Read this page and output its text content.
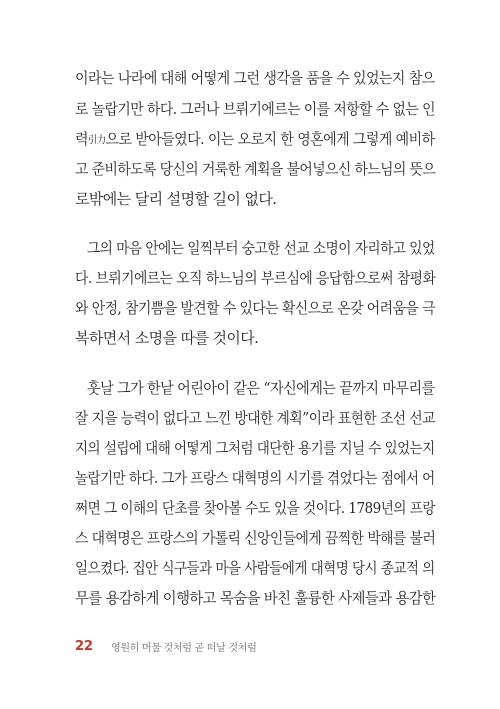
이라는 나라에 대해 어떻게 그런 생각을 품을 수 있었는지 참으
로 놀랍기만 하다. 그러나 브뤼기에르는 이를 저항할 수 없는 인
력引力으로 받아들였다. 이는 오로지 한 영혼에게 그렇게 예비하
고 준비하도록 당신의 거룩한 계획을 불어넣으신 하느님의 뜻으
로밖에는 달리 설명할 길이 없다.
그의 마음 안에는 일찍부터 숭고한 선교 소명이 자리하고 있었
다. 브뤼기에르는 오직 하느님의 부르심에 응답함으로써 참평화
와 안정, 참기쁨을 발견할 수 있다는 확신으로 온갖 어려움을 극
복하면서 소명을 따를 것이다.
훗날 그가 한낱 어린아이 같은 “자신에게는 끝까지 마무리를
잘 지을 능력이 없다고 느낀 방대한 계획”이라 표현한 조선 선교
지의 설립에 대해 어떻게 그처럼 대단한 용기를 지닐 수 있었는지
놀랍기만 하다. 그가 프랑스 대혁명의 시기를 겪었다는 점에서 어
쩌면 그 이해의 단초를 찾아볼 수도 있을 것이다. 1789년의 프랑
스 대혁명은 프랑스의 가톨릭 신앙인들에게 끔찍한 박해를 불러
일으켰다. 집안 식구들과 마을 사람들에게 대혁명 당시 종교적 의
무를 용감하게 이행하고 목숨을 바친 훌륭한 사제들과 용감한
22	영원히 머물 것처럼 곧 떠날 것처럼
